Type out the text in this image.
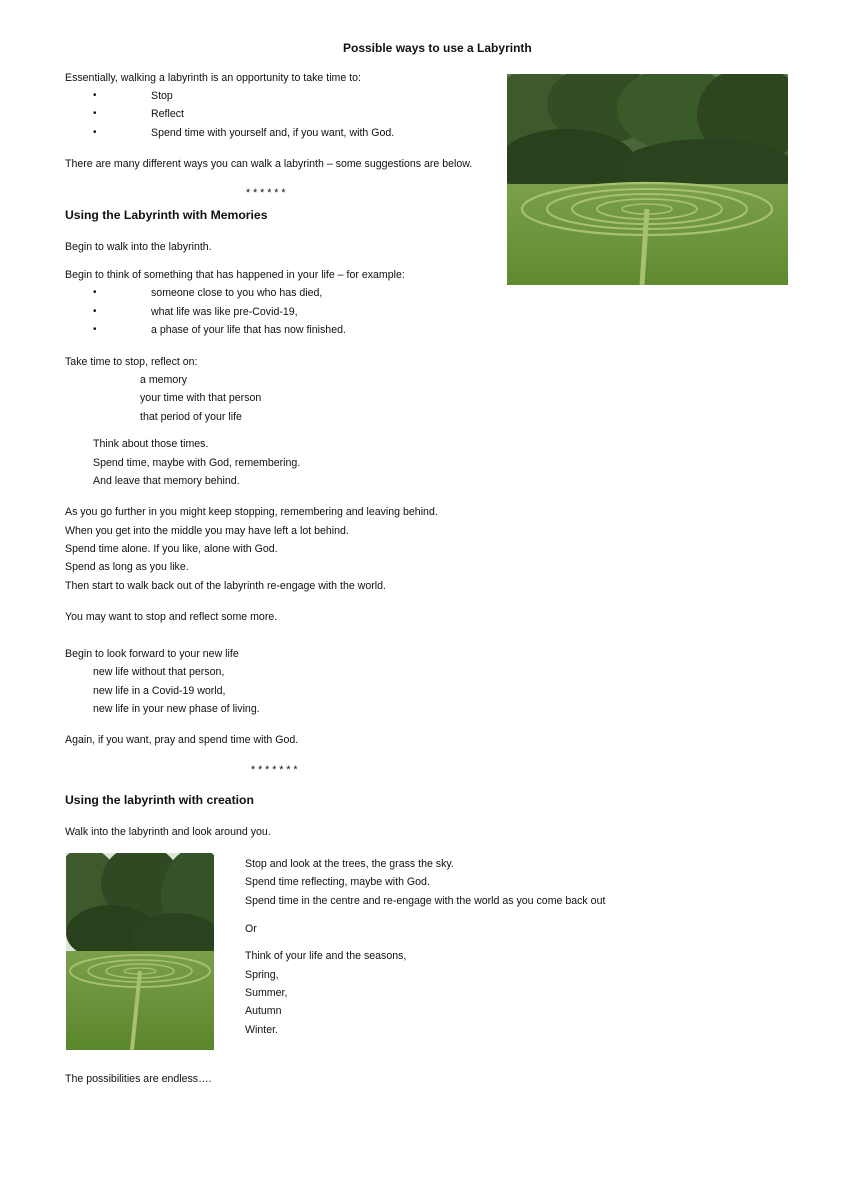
Possible ways to use a Labyrinth
Essentially, walking a labyrinth is an opportunity to take time to:
• Stop
• Reflect
• Spend time with yourself and, if you want, with God.
There are many different ways you can walk a labyrinth – some suggestions are below.
* * * * * *
Using the Labyrinth with Memories
Begin to walk into the labyrinth.
Begin to think of something that has happened in your life – for example:
• someone close to you who has died,
• what life was like pre-Covid-19,
• a phase of your life that has now finished.
Take time to stop, reflect on:
a memory
your time with that person
that period of your life
Think about those times.
Spend time, maybe with God, remembering.
And leave that memory behind.
As you go further in you might keep stopping, remembering and leaving behind.
When you get into the middle you may have left a lot behind.
Spend time alone. If you like, alone with God.
Spend as long as you like.
Then start to walk back out of the labyrinth re-engage with the world.
You may want to stop and reflect some more.
Begin to look forward to your new life
new life without that person,
new life in a Covid-19 world,
new life in your new phase of living.
Again, if you want, pray and spend time with God.
* * * * * * *
Using the labyrinth with creation
Walk into the labyrinth and look around you.
Stop and look at the trees, the grass the sky.
Spend time reflecting, maybe with God.
Spend time in the centre and re-engage with the world as you come back out
Or
Think of your life and the seasons,
Spring,
Summer,
Autumn
Winter.
The possibilities are endless….
